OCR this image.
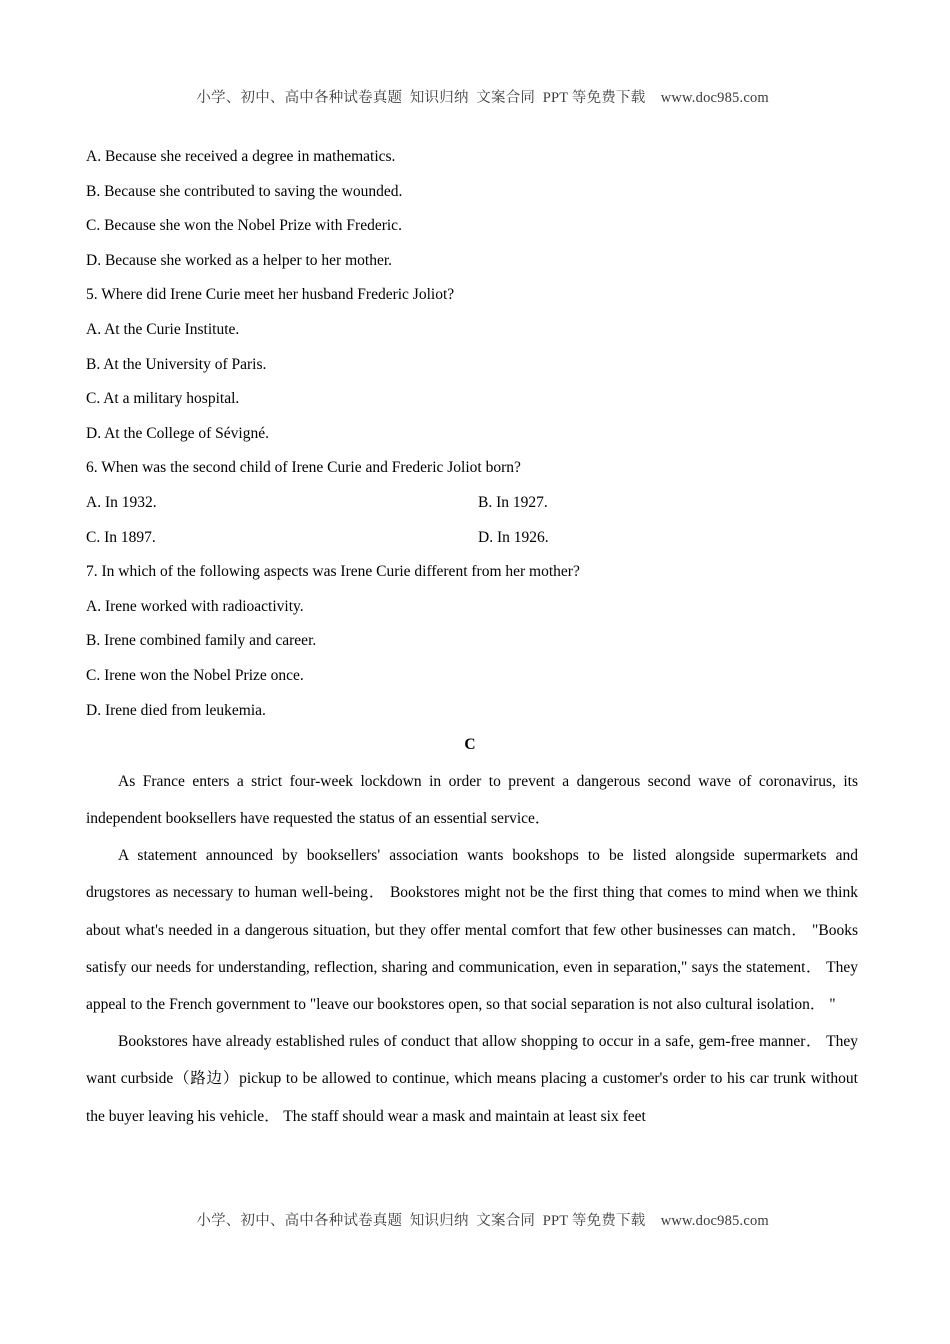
小学、初中、高中各种试卷真题  知识归纳  文案合同  PPT 等免费下载 www.doc985.com

A. Because she received a degree in mathematics.
B. Because she contributed to saving the wounded.
C. Because she won the Nobel Prize with Frederic.
D. Because she worked as a helper to her mother.
5. Where did Irene Curie meet her husband Frederic Joliot?
A. At the Curie Institute.
B. At the University of Paris.
C. At a military hospital.
D. At the College of Sévigné.
6. When was the second child of Irene Curie and Frederic Joliot born?
A. In 1932.	B. In 1927.
C. In 1897.	D. In 1926.
7. In which of the following aspects was Irene Curie different from her mother?
A. Irene worked with radioactivity.
B. Irene combined family and career.
C. Irene won the Nobel Prize once.
D. Irene died from leukemia.
C

As France enters a strict four-week lockdown in order to prevent a dangerous second wave of coronavirus, its independent booksellers have requested the status of an essential service．

A statement announced by booksellers' association wants bookshops to be listed alongside supermarkets and drugstores as necessary to human well-being． Bookstores might not be the first thing that comes to mind when we think about what's needed in a dangerous situation, but they offer mental comfort that few other businesses can match． "Books satisfy our needs for understanding, reflection, sharing and communication, even in separation," says the statement． They appeal to the French government to "leave our bookstores open, so that social separation is not also cultural isolation． "

Bookstores have already established rules of conduct that allow shopping to occur in a safe, gem-free manner． They want curbside（路边）pickup to be allowed to continue, which means placing a customer's order to his car trunk without the buyer leaving his vehicle． The staff should wear a mask and maintain at least six feet

小学、初中、高中各种试卷真题  知识归纳  文案合同  PPT 等免费下载 www.doc985.com
